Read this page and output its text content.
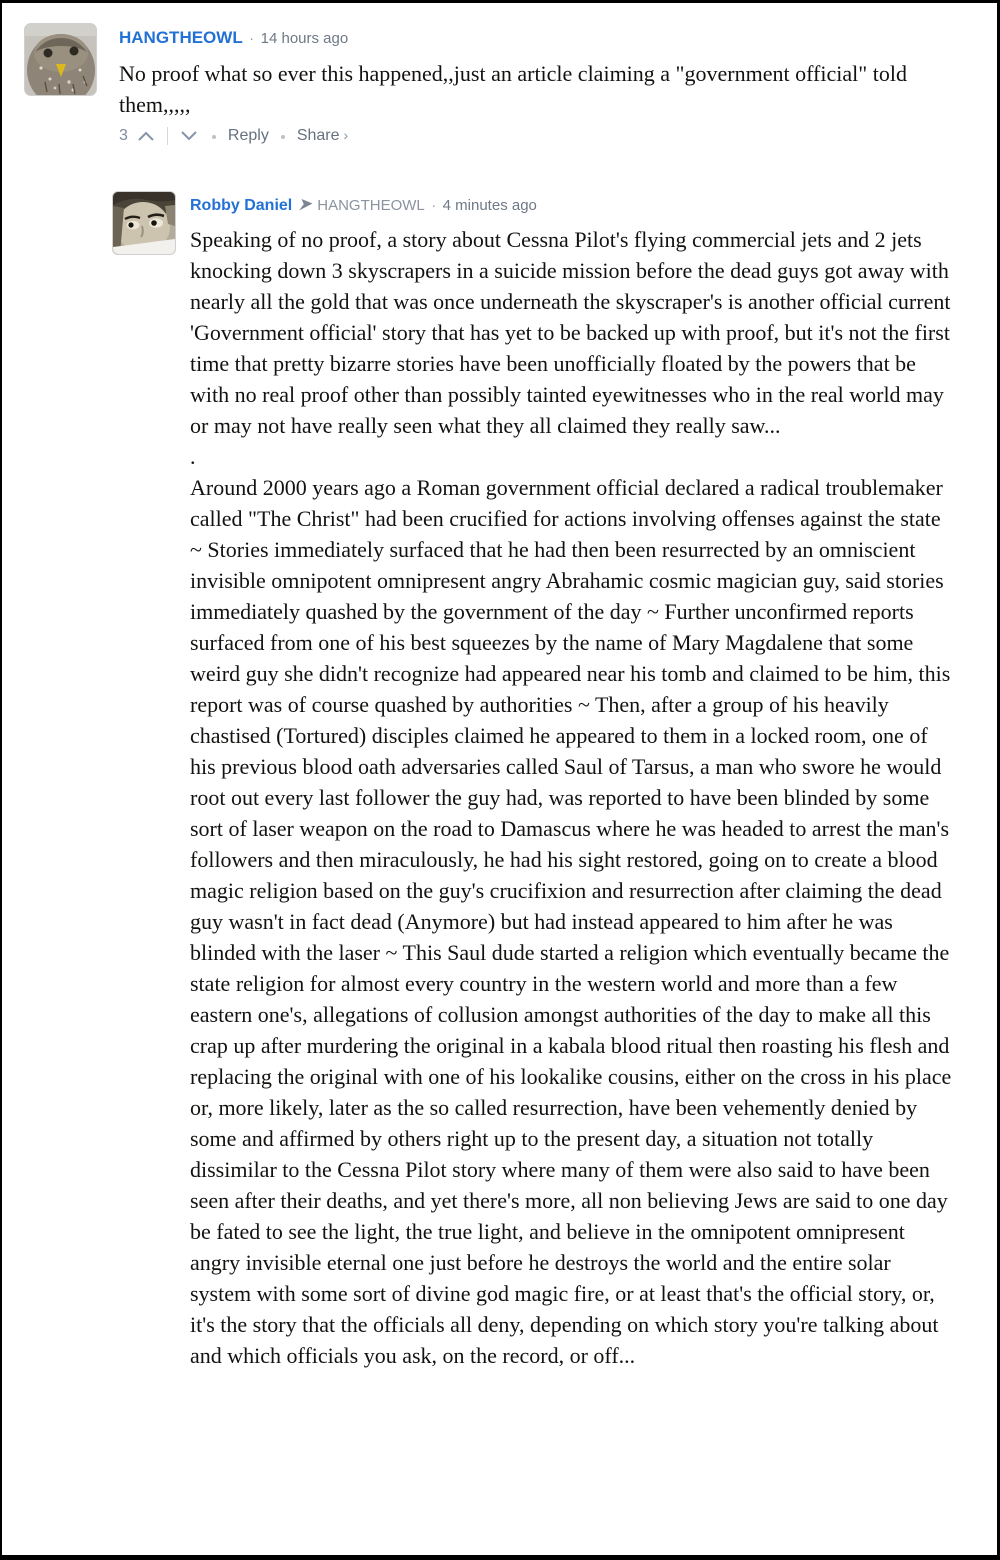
HANGTHEOWL · 14 hours ago

No proof what so ever this happened,,just an article claiming a "government official" told them,,,,,

3	Reply Share ›
Robby Daniel HANGTHEOWL · 4 minutes ago

Speaking of no proof, a story about Cessna Pilot's flying commercial jets and 2 jets knocking down 3 skyscrapers in a suicide mission before the dead guys got away with nearly all the gold that was once underneath the skyscraper's is another official current 'Government official' story that has yet to be backed up with proof, but it's not the first time that pretty bizarre stories have been unofficially floated by the powers that be with no real proof other than possibly tainted eyewitnesses who in the real world may or may not have really seen what they all claimed they really saw...

.

Around 2000 years ago a Roman government official declared a radical troublemaker called "The Christ" had been crucified for actions involving offenses against the state ~ Stories immediately surfaced that he had then been resurrected by an omniscient invisible omnipotent omnipresent angry Abrahamic cosmic magician guy, said stories immediately quashed by the government of the day ~ Further unconfirmed reports surfaced from one of his best squeezes by the name of Mary Magdalene that some weird guy she didn't recognize had appeared near his tomb and claimed to be him, this report was of course quashed by authorities ~ Then, after a group of his heavily chastised (Tortured) disciples claimed he appeared to them in a locked room, one of his previous blood oath adversaries called Saul of Tarsus, a man who swore he would root out every last follower the guy had, was reported to have been blinded by some sort of laser weapon on the road to Damascus where he was headed to arrest the man's followers and then miraculously, he had his sight restored, going on to create a blood magic religion based on the guy's crucifixion and resurrection after claiming the dead guy wasn't in fact dead (Anymore) but had instead appeared to him after he was blinded with the laser ~ This Saul dude started a religion which eventually became the state religion for almost every country in the western world and more than a few eastern one's, allegations of collusion amongst authorities of the day to make all this crap up after murdering the original in a kabala blood ritual then roasting his flesh and replacing the original with one of his lookalike cousins, either on the cross in his place or, more likely, later as the so called resurrection, have been vehemently denied by some and affirmed by others right up to the present day, a situation not totally dissimilar to the Cessna Pilot story where many of them were also said to have been seen after their deaths, and yet there's more, all non believing Jews are said to one day be fated to see the light, the true light, and believe in the omnipotent omnipresent angry invisible eternal one just before he destroys the world and the entire solar system with some sort of divine god magic fire, or at least that's the official story, or, it's the story that the officials all deny, depending on which story you're talking about and which officials you ask, on the record, or off...
